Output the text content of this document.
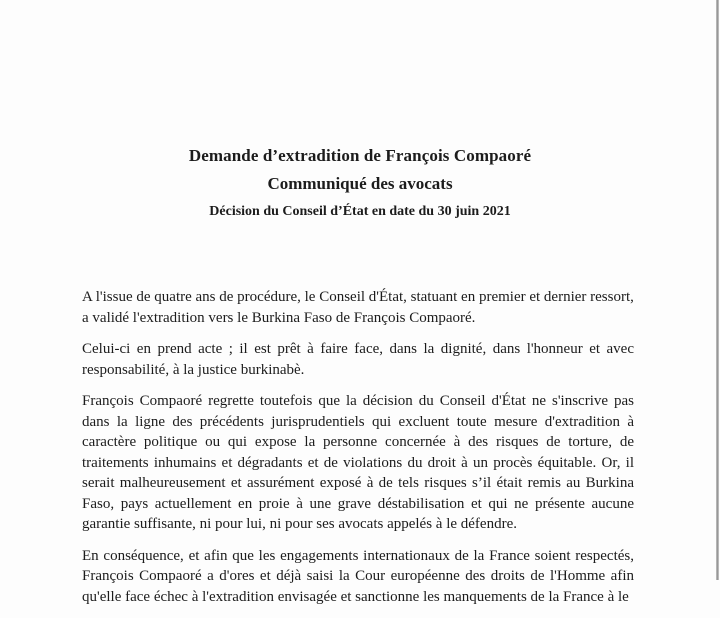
Demande d’extradition de François Compaoré

Communiqué des avocats

Décision du Conseil d’État en date du 30 juin 2021

A l'issue de quatre ans de procédure, le Conseil d'État, statuant en premier et dernier ressort, a validé l'extradition vers le Burkina Faso de François Compaoré.

Celui-ci en prend acte ; il est prêt à faire face, dans la dignité, dans l'honneur et avec responsabilité, à la justice burkinabè.

François Compaoré regrette toutefois que la décision du Conseil d'État ne s'inscrive pas dans la ligne des précédents jurisprudentiels qui excluent toute mesure d'extradition à caractère politique ou qui expose la personne concernée à des risques de torture, de traitements inhumains et dégradants et de violations du droit à un procès équitable. Or, il serait malheureusement et assurément exposé à de tels risques s’il était remis au Burkina Faso, pays actuellement en proie à une grave déstabilisation et qui ne présente aucune garantie suffisante, ni pour lui, ni pour ses avocats appelés à le défendre.

En conséquence, et afin que les engagements internationaux de la France soient respectés, François Compaoré a d'ores et déjà saisi la Cour européenne des droits de l'Homme afin qu'elle face échec à l'extradition envisagée et sanctionne les manquements de la France à le
